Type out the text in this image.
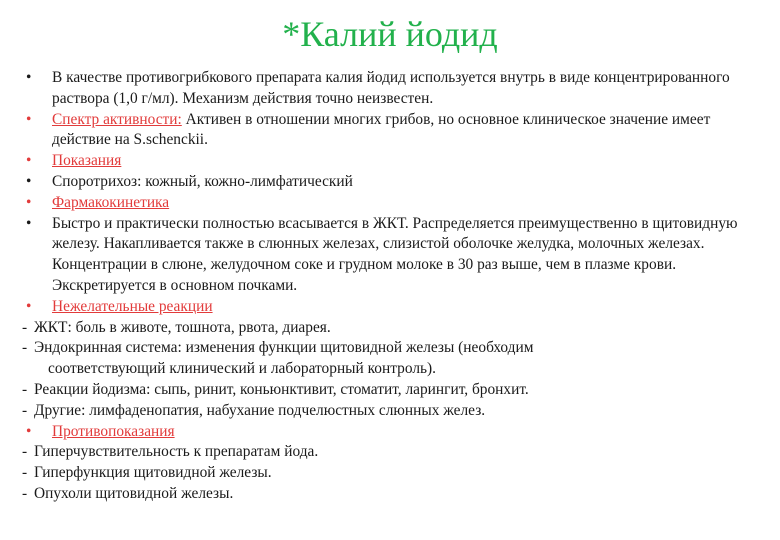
*Калий йодид
•	В качестве противогрибкового препарата калия йодид используется внутрь в виде концентрированного раствора (1,0 г/мл). Механизм действия точно неизвестен.
•	Спектр активности: Активен в отношении многих грибов, но основное клиническое значение имеет действие на S.schenckii.
•	Показания
•	Споротрихоз: кожный, кожно-лимфатический
•	Фармакокинетика
•	Быстро и практически полностью всасывается в ЖКТ. Распределяется преимущественно в щитовидную железу. Накапливается также в слюнных железах, слизистой оболочке желудка, молочных железах. Концентрации в слюне, желудочном соке и грудном молоке в 30 раз выше, чем в плазме крови. Экскретируется в основном почками.
•	Нежелательные реакции
- ЖКТ: боль в животе, тошнота, рвота, диарея.
- Эндокринная система: изменения функции щитовидной железы (необходим
соответствующий клинический и лабораторный контроль).
- Реакции йодизма: сыпь, ринит, коньюнктивит, стоматит, ларингит, бронхит.
- Другие: лимфаденопатия, набухание подчелюстных слюнных желез.
•	Противопоказания
- Гиперчувствительность к препаратам йода.
- Гиперфункция щитовидной железы.
- Опухоли щитовидной железы.
